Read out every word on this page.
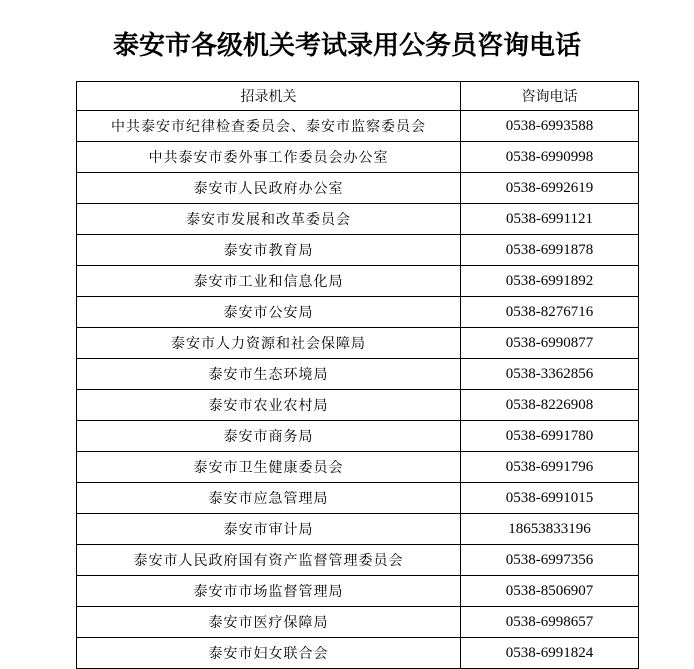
泰安市各级机关考试录用公务员咨询电话
招录机关	咨询电话
中共泰安市纪律检查委员会、泰安市监察委员会	0538-6993588
中共泰安市委外事工作委员会办公室	0538-6990998
泰安市人民政府办公室	0538-6992619
泰安市发展和改革委员会	0538-6991121
泰安市教育局	0538-6991878
泰安市工业和信息化局	0538-6991892
泰安市公安局	0538-8276716
泰安市人力资源和社会保障局	0538-6990877
泰安市生态环境局	0538-3362856
泰安市农业农村局	0538-8226908
泰安市商务局	0538-6991780
泰安市卫生健康委员会	0538-6991796
泰安市应急管理局	0538-6991015
泰安市审计局	18653833196
泰安市人民政府国有资产监督管理委员会	0538-6997356
泰安市市场监督管理局	0538-8506907
泰安市医疗保障局	0538-6998657
泰安市妇女联合会	0538-6991824
